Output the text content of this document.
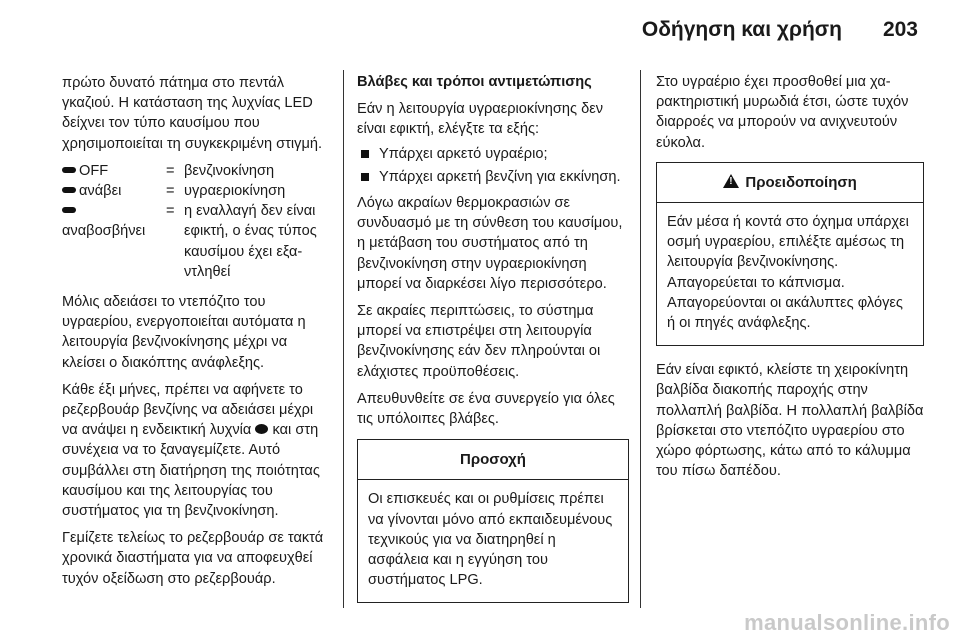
Οδήγηση και χρήση 203

πρώτο δυνατό πάτημα στο πεντάλ γκαζιού. Η κατάσταση της λυχνίας LED δείχνει τον τύπο καυσίμου που χρησιμοποιείται τη συγκεκριμένη στιγμή.

OFF	= βενζινοκίνηση
ανάβει	= υγραεριοκίνηση

αναβοσβήνει
= η εναλλαγή δεν είναι εφικτή, ο ένας τύπος καυσίμου έχει εξαντληθεί

Μόλις αδειάσει το ντεπόζιτο του υγραερίου, ενεργοποιείται αυτόματα η λειτουργία βενζινοκίνησης μέχρι να κλείσει ο διακόπτης ανάφλεξης.

Κάθε έξι μήνες, πρέπει να αφήνετε το ρεζερβουάρ βενζίνης να αδειάσει μέχρι να ανάψει η ενδεικτική λυχνία και στη συνέχεια να το ξαναγεμίζετε. Αυτό συμβάλλει στη διατήρηση της ποιότητας καυσίμου και της λειτουργίας του συστήματος για τη βενζινοκίνηση.

Γεμίζετε τελείως το ρεζερβουάρ σε τακτά χρονικά διαστήματα για να αποφευχθεί τυχόν οξείδωση στο ρεζερβουάρ.

Βλάβες και τρόποι αντιμετώπισης

Εάν η λειτουργία υγραεριοκίνησης δεν είναι εφικτή, ελέγξτε τα εξής:

Υπάρχει αρκετό υγραέριο;
Υπάρχει αρκετή βενζίνη για εκκίνηση.

Λόγω ακραίων θερμοκρασιών σε συνδυασμό με τη σύνθεση του καυσίμου, η μετάβαση του συστήματος από τη βενζινοκίνηση στην υγραεριοκίνηση μπορεί να διαρκέσει λίγο περισσότερο.

Σε ακραίες περιπτώσεις, το σύστημα μπορεί να επιστρέψει στη λειτουργία βενζινοκίνησης εάν δεν πληρούνται οι ελάχιστες προϋποθέσεις.

Απευθυνθείτε σε ένα συνεργείο για όλες τις υπόλοιπες βλάβες.

Προσοχή
Οι επισκευές και οι ρυθμίσεις πρέπει να γίνονται μόνο από εκπαιδευμένους τεχνικούς για να διατηρηθεί η ασφάλεια και η εγγύηση του συστήματος LPG.

Στο υγραέριο έχει προσθοθεί μια χαρακτηριστική μυρωδιά έτσι, ώστε τυχόν διαρροές να μπορούν να ανιχνευτούν εύκολα.

! Προειδοποίηση
Εάν μέσα ή κοντά στο όχημα υπάρχει οσμή υγραερίου, επιλέξτε αμέσως τη λειτουργία βενζινοκίνησης. Απαγορεύεται το κάπνισμα. Απαγορεύονται οι ακάλυπτες φλόγες ή οι πηγές ανάφλεξης.

Εάν είναι εφικτό, κλείστε τη χειροκίνητη βαλβίδα διακοπής παροχής στην πολλαπλή βαλβίδα. Η πολλαπλή βαλβίδα βρίσκεται στο ντεπόζιτο υγραερίου στο χώρο φόρτωσης, κάτω από το κάλυμμα του πίσω δαπέδου.

manualsonline.info
